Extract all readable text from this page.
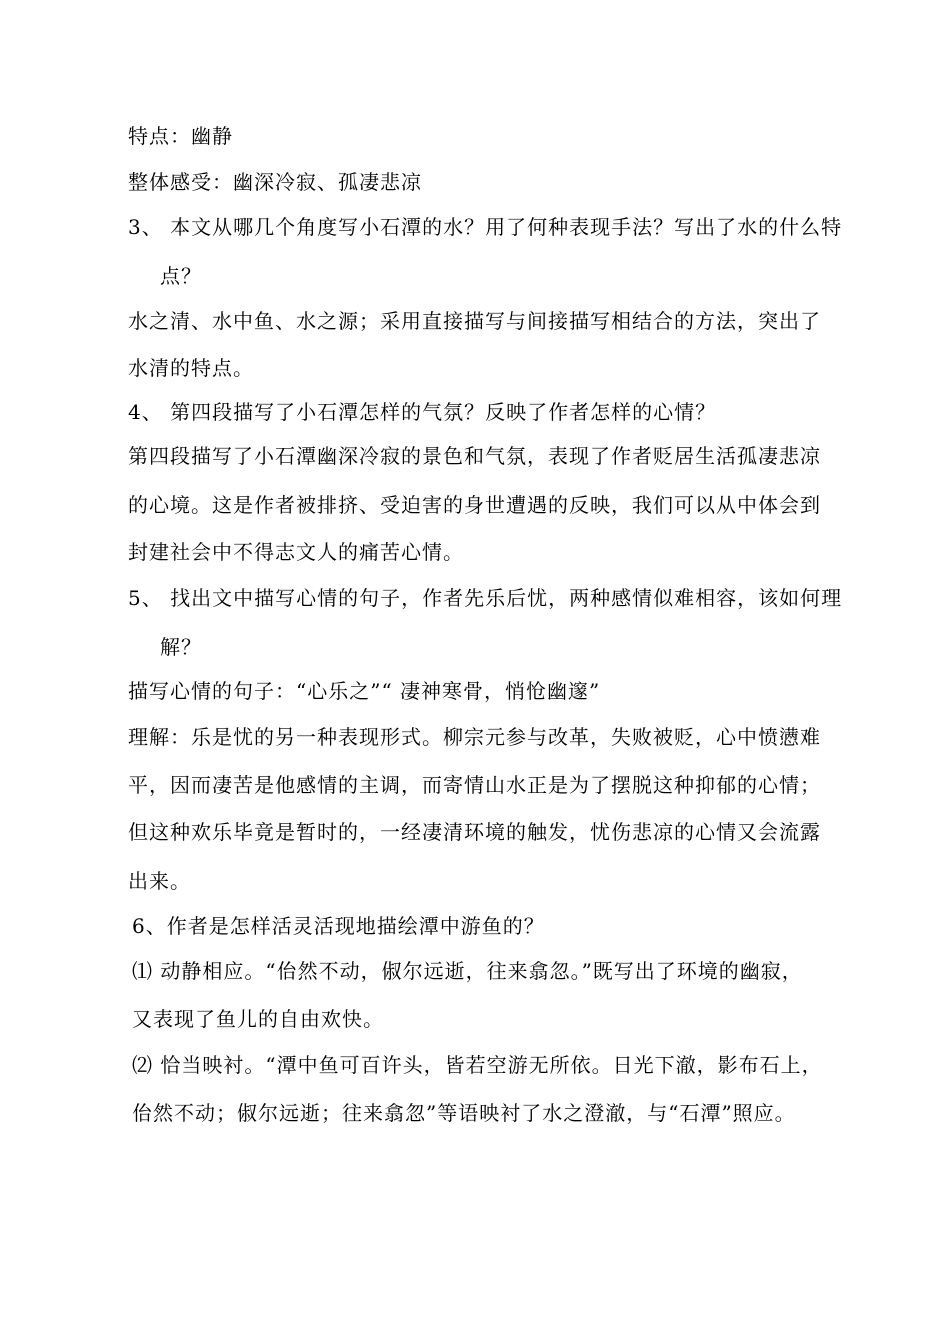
特点：幽静
整体感受：幽深冷寂、孤凄悲凉
3、 本文从哪几个角度写小石潭的水？用了何种表现手法？写出了水的什么特
点？
水之清、水中鱼、水之源；采用直接描写与间接描写相结合的方法，突出了
水清的特点。
4、 第四段描写了小石潭怎样的气氛？反映了作者怎样的心情？
第四段描写了小石潭幽深冷寂的景色和气氛，表现了作者贬居生活孤凄悲凉
的心境。这是作者被排挤、受迫害的身世遭遇的反映，我们可以从中体会到
封建社会中不得志文人的痛苦心情。
5、 找出文中描写心情的句子，作者先乐后忧，两种感情似难相容，该如何理
解？
描写心情的句子：“心乐之”“ 凄神寒骨，悄怆幽邃”
理解：乐是忧的另一种表现形式。柳宗元参与改革，失败被贬，心中愤懑难
平，因而凄苦是他感情的主调，而寄情山水正是为了摆脱这种抑郁的心情；
但这种欢乐毕竟是暂时的，一经凄清环境的触发，忧伤悲凉的心情又会流露
出来。
6、作者是怎样活灵活现地描绘潭中游鱼的？
⑴ 动静相应。“佁然不动，俶尔远逝，往来翕忽。”既写出了环境的幽寂，
又表现了鱼儿的自由欢快。
⑵ 恰当映衬。“潭中鱼可百许头，皆若空游无所依。日光下澈，影布石上，
佁然不动；俶尔远逝；往来翕忽”等语映衬了水之澄澈，与“石潭”照应。
